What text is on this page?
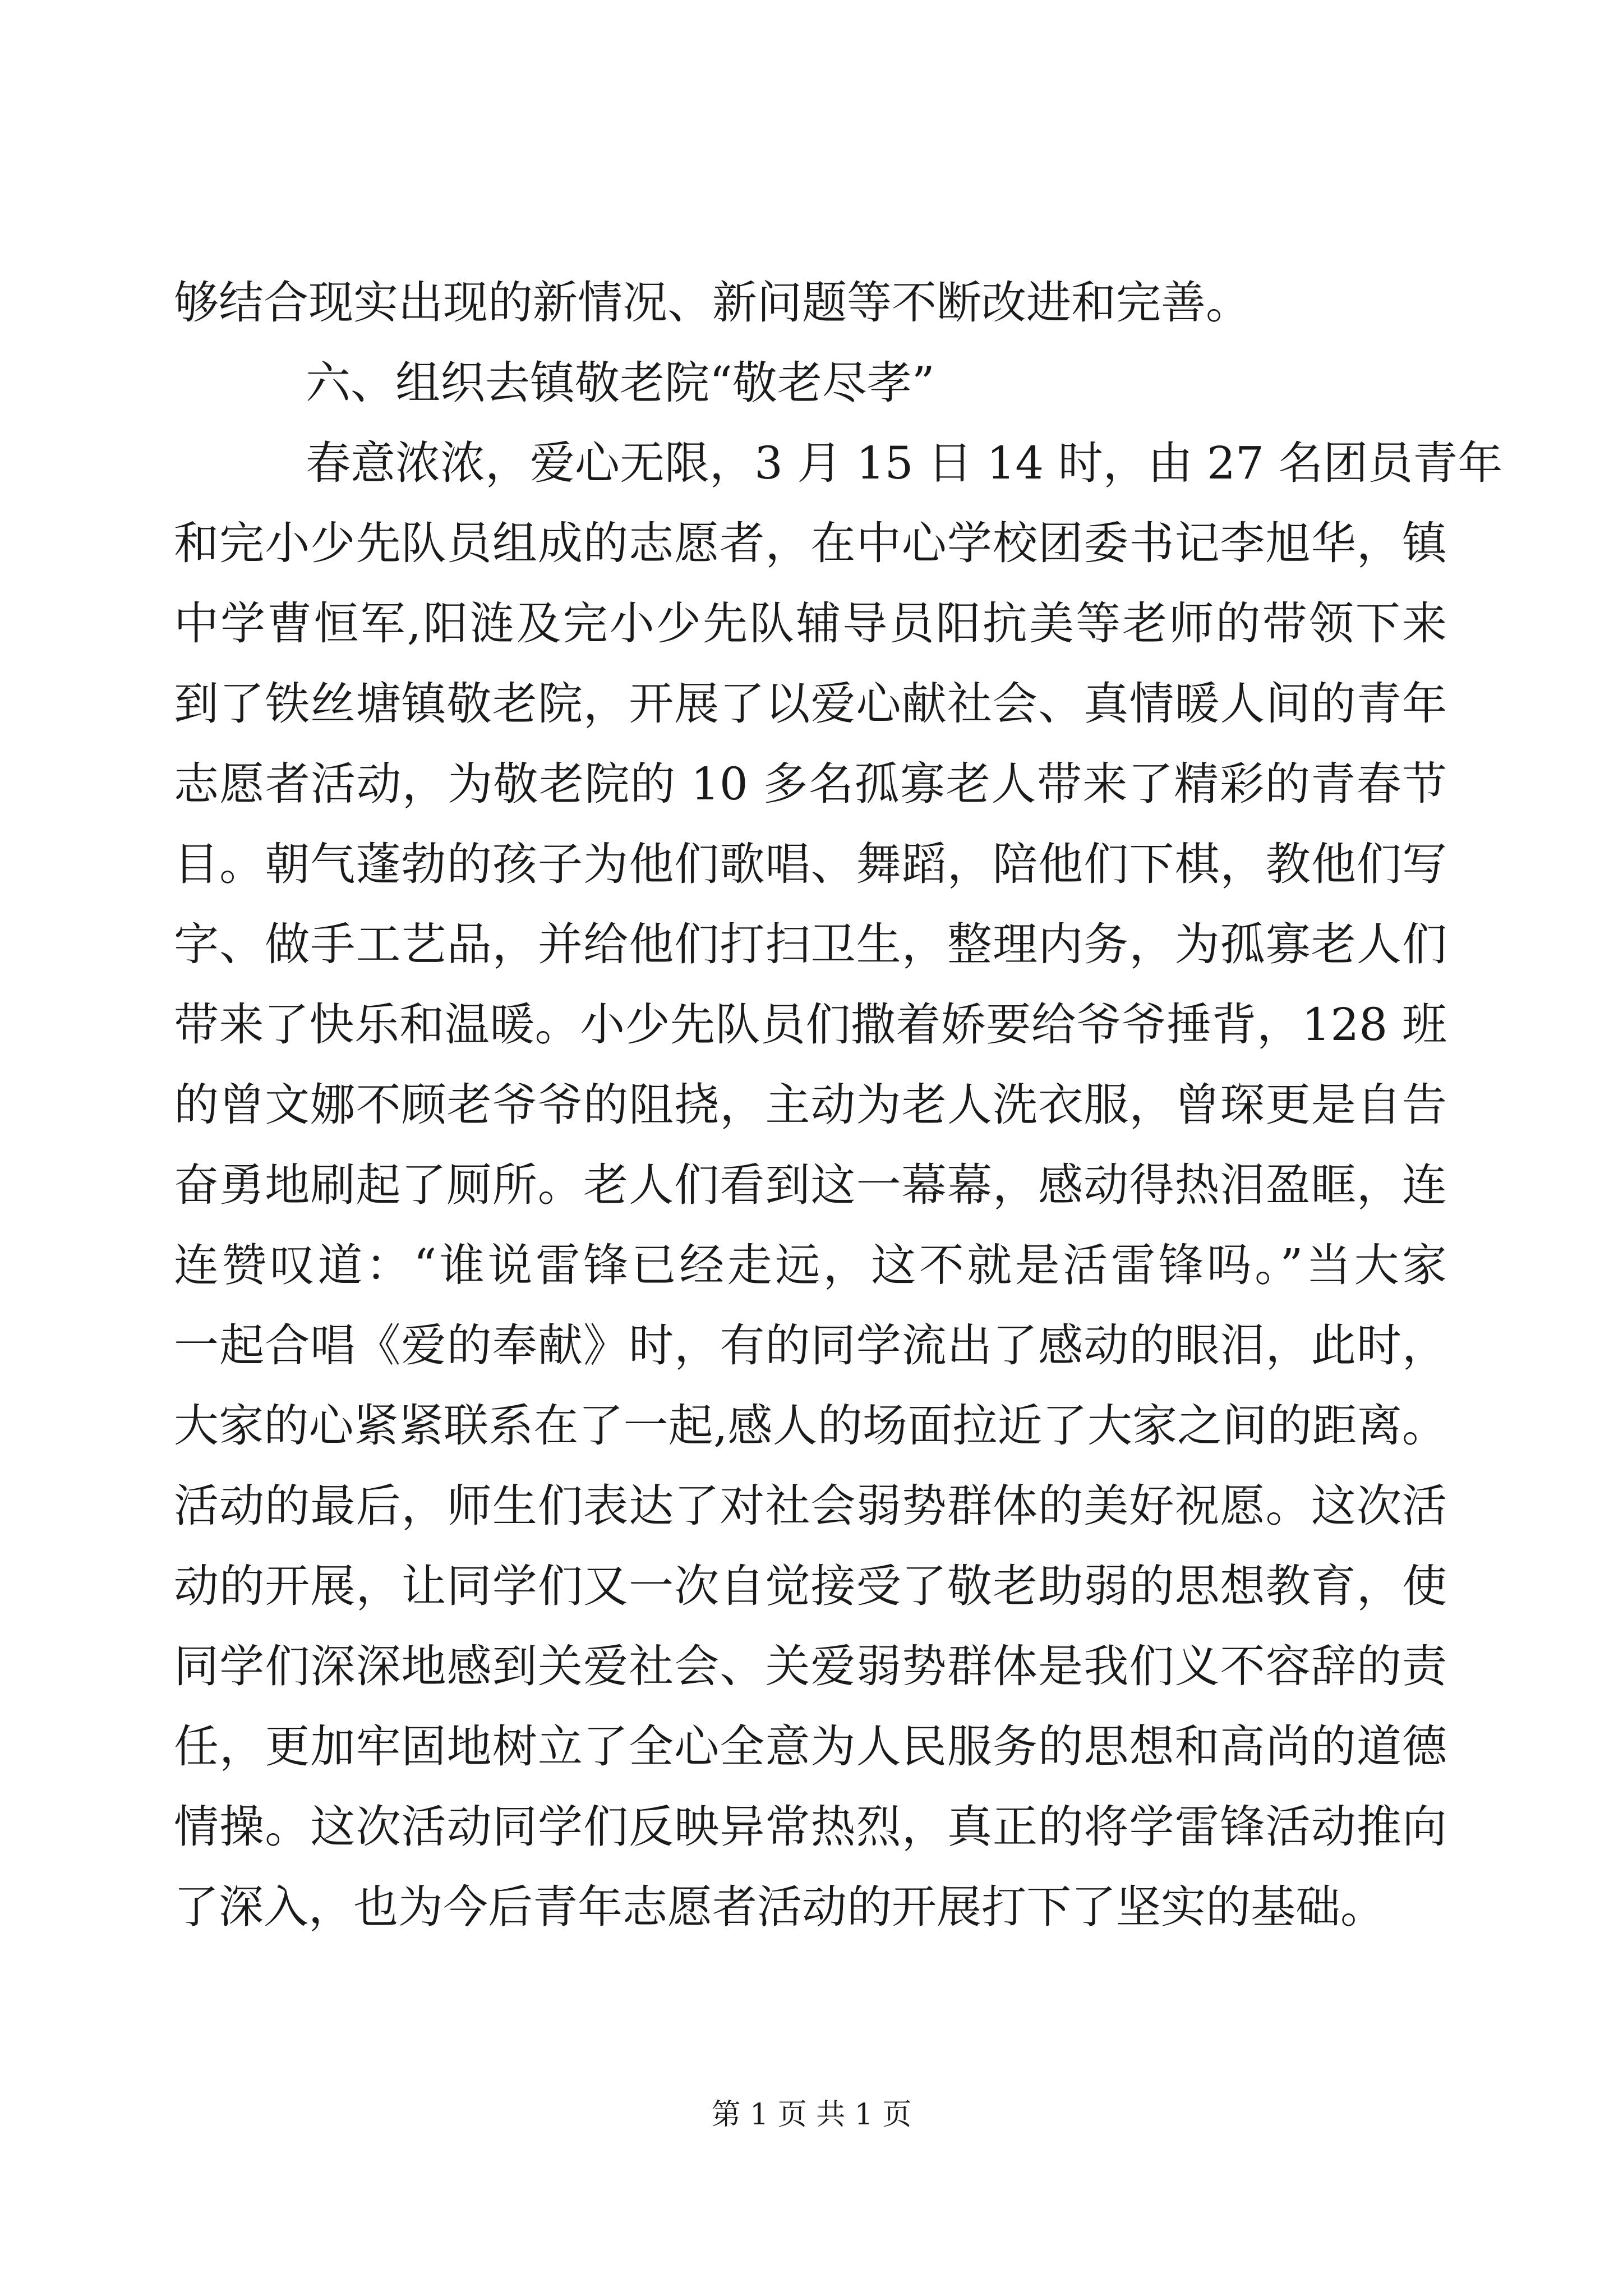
够结合现实出现的新情况、新问题等不断改进和完善。
六、组织去镇敬老院“敬老尽孝”
春意浓浓，爱心无限，3 月 15 日 14 时，由 27 名团员青年
和完小少先队员组成的志愿者，在中心学校团委书记李旭华，镇
中学曹恒军,阳涟及完小少先队辅导员阳抗美等老师的带领下来
到了铁丝塘镇敬老院，开展了以爱心献社会、真情暖人间的青年
志愿者活动，为敬老院的 10 多名孤寡老人带来了精彩的青春节
目。朝气蓬勃的孩子为他们歌唱、舞蹈，陪他们下棋，教他们写
字、做手工艺品，并给他们打扫卫生，整理内务，为孤寡老人们
带来了快乐和温暖。小少先队员们撒着娇要给爷爷捶背，128 班
的曾文娜不顾老爷爷的阻挠，主动为老人洗衣服，曾琛更是自告
奋勇地刷起了厕所。老人们看到这一幕幕，感动得热泪盈眶，连
连赞叹道：“谁说雷锋已经走远，这不就是活雷锋吗。”当大家
一起合唱《爱的奉献》时，有的同学流出了感动的眼泪，此时，
大家的心紧紧联系在了一起,感人的场面拉近了大家之间的距离。
活动的最后，师生们表达了对社会弱势群体的美好祝愿。这次活
动的开展，让同学们又一次自觉接受了敬老助弱的思想教育，使
同学们深深地感到关爱社会、关爱弱势群体是我们义不容辞的责
任，更加牢固地树立了全心全意为人民服务的思想和高尚的道德
情操。这次活动同学们反映异常热烈，真正的将学雷锋活动推向
了深入，也为今后青年志愿者活动的开展打下了坚实的基础。
第 1 页 共 1 页
